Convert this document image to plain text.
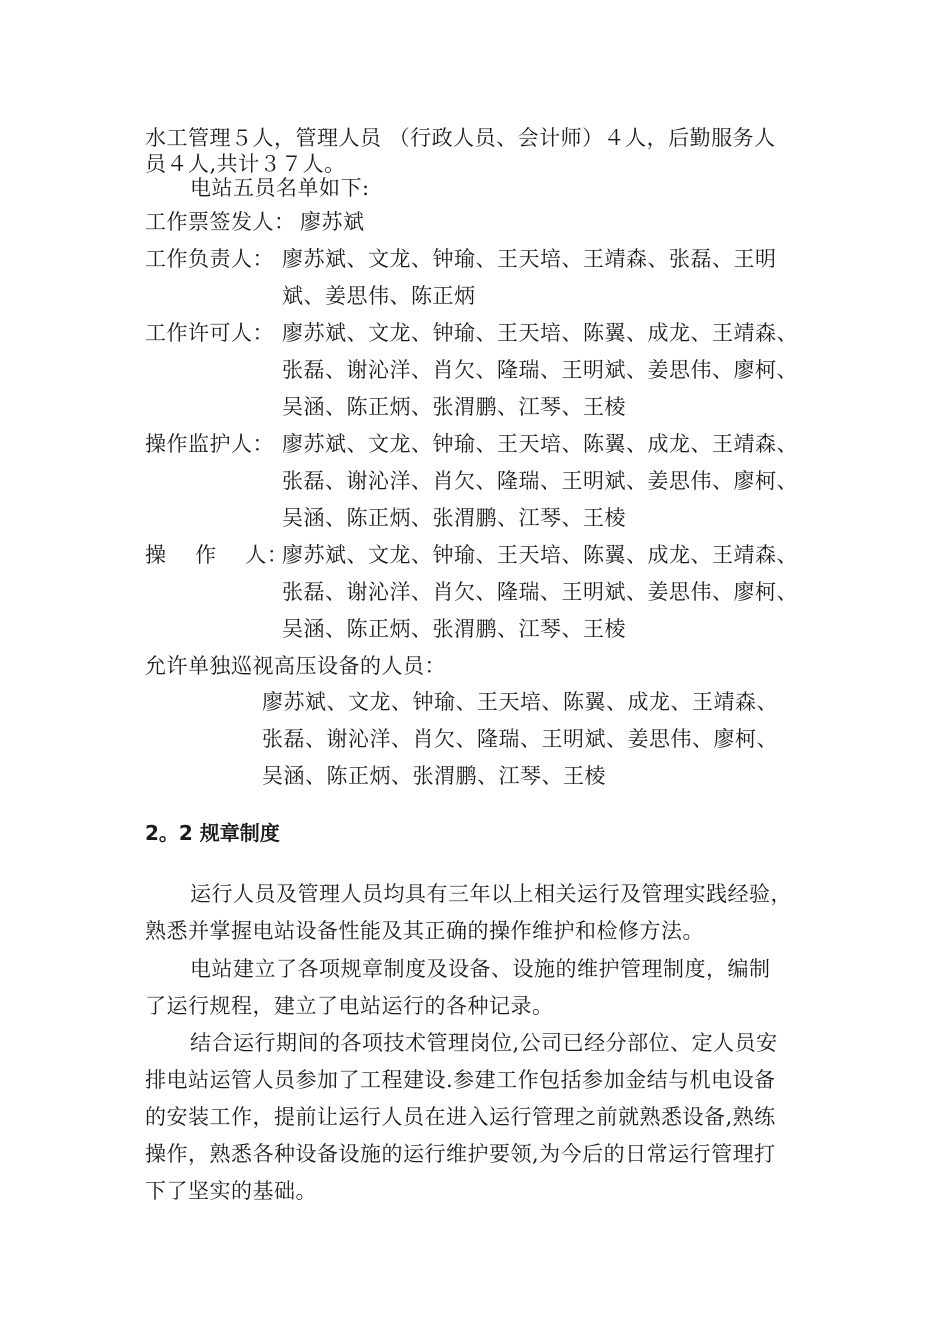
水工管理５人，管理人员 （行政人员、会计师）４人，后勤服务人
员４人,共计３７人。
电站五员名单如下:
工作票签发人： 廖苏斌
工作负责人： 廖苏斌、文龙、钟瑜、王天培、王靖森、张磊、王明
斌、姜思伟、陈正炳
工作许可人： 廖苏斌、文龙、钟瑜、王天培、陈翼、成龙、王靖森、
张磊、谢沁洋、肖欠、隆瑞、王明斌、姜思伟、廖柯、
吴涵、陈正炳、张渭鹏、江琴、王棱
操作监护人： 廖苏斌、文龙、钟瑜、王天培、陈翼、成龙、王靖森、
张磊、谢沁洋、肖欠、隆瑞、王明斌、姜思伟、廖柯、
吴涵、陈正炳、张渭鹏、江琴、王棱
操　 作　 人：
廖苏斌、文龙、钟瑜、王天培、陈翼、成龙、王靖森、
张磊、谢沁洋、肖欠、隆瑞、王明斌、姜思伟、廖柯、
吴涵、陈正炳、张渭鹏、江琴、王棱
允许单独巡视高压设备的人员：
廖苏斌、文龙、钟瑜、王天培、陈翼、成龙、王靖森、
张磊、谢沁洋、肖欠、隆瑞、王明斌、姜思伟、廖柯、
吴涵、陈正炳、张渭鹏、江琴、王棱
2。2 规章制度
运行人员及管理人员均具有三年以上相关运行及管理实践经验，
熟悉并掌握电站设备性能及其正确的操作维护和检修方法。
电站建立了各项规章制度及设备、设施的维护管理制度，编制
了运行规程，建立了电站运行的各种记录。
结合运行期间的各项技术管理岗位,公司已经分部位、定人员安
排电站运管人员参加了工程建设.参建工作包括参加金结与机电设备
的安装工作，提前让运行人员在进入运行管理之前就熟悉设备,熟练
操作，熟悉各种设备设施的运行维护要领,为今后的日常运行管理打
下了坚实的基础。
